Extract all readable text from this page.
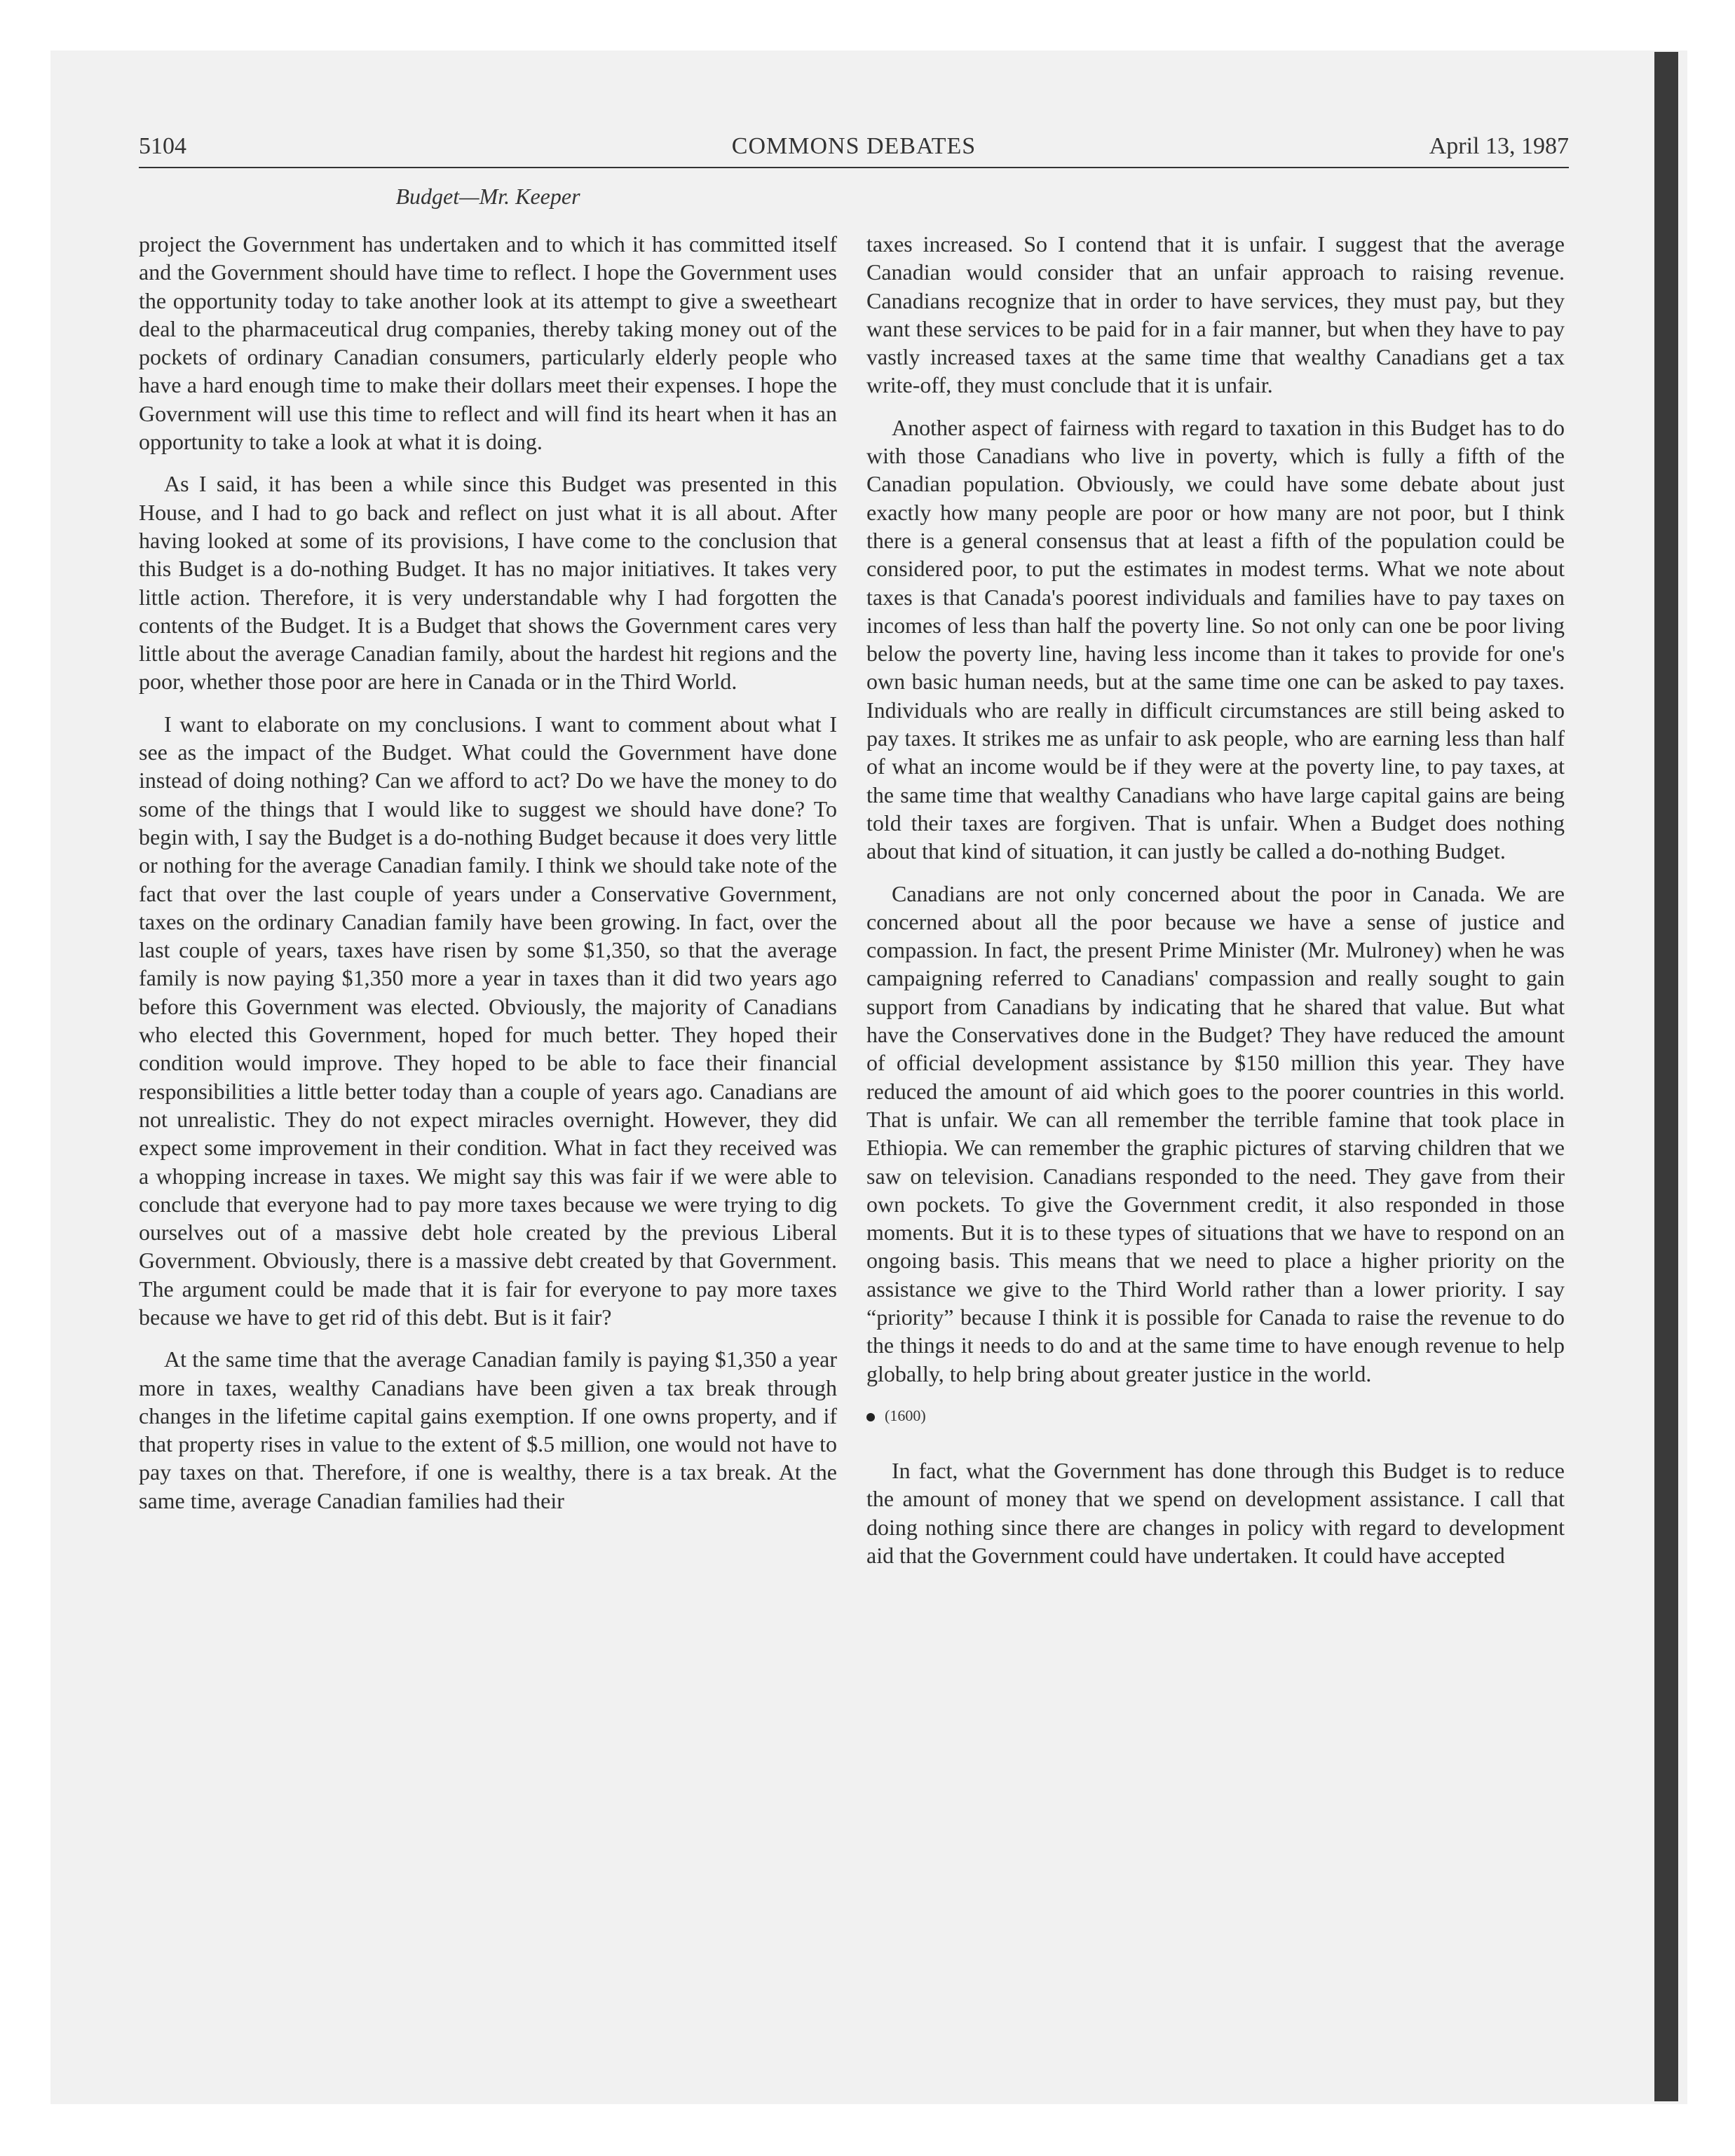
5104	COMMONS DEBATES	April 13, 1987
Budget—Mr. Keeper

project the Government has undertaken and to which it has committed itself and the Government should have time to reflect. I hope the Government uses the opportunity today to take another look at its attempt to give a sweetheart deal to the pharmaceutical drug companies, thereby taking money out of the pockets of ordinary Canadian consumers, particularly elderly people who have a hard enough time to make their dollars meet their expenses. I hope the Government will use this time to reflect and will find its heart when it has an opportunity to take a look at what it is doing.

As I said, it has been a while since this Budget was presented in this House, and I had to go back and reflect on just what it is all about. After having looked at some of its provisions, I have come to the conclusion that this Budget is a do-nothing Budget. It has no major initiatives. It takes very little action. Therefore, it is very understandable why I had forgotten the contents of the Budget. It is a Budget that shows the Government cares very little about the average Canadian family, about the hardest hit regions and the poor, whether those poor are here in Canada or in the Third World.

I want to elaborate on my conclusions. I want to comment about what I see as the impact of the Budget. What could the Government have done instead of doing nothing? Can we afford to act? Do we have the money to do some of the things that I would like to suggest we should have done? To begin with, I say the Budget is a do-nothing Budget because it does very little or nothing for the average Canadian family. I think we should take note of the fact that over the last couple of years under a Conservative Government, taxes on the ordinary Canadian family have been growing. In fact, over the last couple of years, taxes have risen by some $1,350, so that the average family is now paying $1,350 more a year in taxes than it did two years ago before this Government was elected. Obviously, the majority of Canadians who elected this Government, hoped for much better. They hoped their condition would improve. They hoped to be able to face their financial responsibilities a little better today than a couple of years ago. Canadians are not unrealistic. They do not expect miracles overnight. However, they did expect some improvement in their condition. What in fact they received was a whopping increase in taxes. We might say this was fair if we were able to conclude that everyone had to pay more taxes because we were trying to dig ourselves out of a massive debt hole created by the previous Liberal Government. Obviously, there is a massive debt created by that Government. The argument could be made that it is fair for everyone to pay more taxes because we have to get rid of this debt. But is it fair?

At the same time that the average Canadian family is paying $1,350 a year more in taxes, wealthy Canadians have been given a tax break through changes in the lifetime capital gains exemption. If one owns property, and if that property rises in value to the extent of $.5 million, one would not have to pay taxes on that. Therefore, if one is wealthy, there is a tax break. At the same time, average Canadian families had their

taxes increased. So I contend that it is unfair. I suggest that the average Canadian would consider that an unfair approach to raising revenue. Canadians recognize that in order to have services, they must pay, but they want these services to be paid for in a fair manner, but when they have to pay vastly increased taxes at the same time that wealthy Canadians get a tax write-off, they must conclude that it is unfair.

Another aspect of fairness with regard to taxation in this Budget has to do with those Canadians who live in poverty, which is fully a fifth of the Canadian population. Obviously, we could have some debate about just exactly how many people are poor or how many are not poor, but I think there is a general consensus that at least a fifth of the population could be considered poor, to put the estimates in modest terms. What we note about taxes is that Canada's poorest individuals and families have to pay taxes on incomes of less than half the poverty line. So not only can one be poor living below the poverty line, having less income than it takes to provide for one's own basic human needs, but at the same time one can be asked to pay taxes. Individuals who are really in difficult circumstances are still being asked to pay taxes. It strikes me as unfair to ask people, who are earning less than half of what an income would be if they were at the poverty line, to pay taxes, at the same time that wealthy Canadians who have large capital gains are being told their taxes are forgiven. That is unfair. When a Budget does nothing about that kind of situation, it can justly be called a do-nothing Budget.

Canadians are not only concerned about the poor in Canada. We are concerned about all the poor because we have a sense of justice and compassion. In fact, the present Prime Minister (Mr. Mulroney) when he was campaigning referred to Canadians' compassion and really sought to gain support from Canadians by indicating that he shared that value. But what have the Conservatives done in the Budget? They have reduced the amount of official development assistance by $150 million this year. They have reduced the amount of aid which goes to the poorer countries in this world. That is unfair. We can all remember the terrible famine that took place in Ethiopia. We can remember the graphic pictures of starving children that we saw on television. Canadians responded to the need. They gave from their own pockets. To give the Government credit, it also responded in those moments. But it is to these types of situations that we have to respond on an ongoing basis. This means that we need to place a higher priority on the assistance we give to the Third World rather than a lower priority. I say “priority” because I think it is possible for Canada to raise the revenue to do the things it needs to do and at the same time to have enough revenue to help globally, to help bring about greater justice in the world.

(1600)

In fact, what the Government has done through this Budget is to reduce the amount of money that we spend on development assistance. I call that doing nothing since there are changes in policy with regard to development aid that the Government could have undertaken. It could have accepted
